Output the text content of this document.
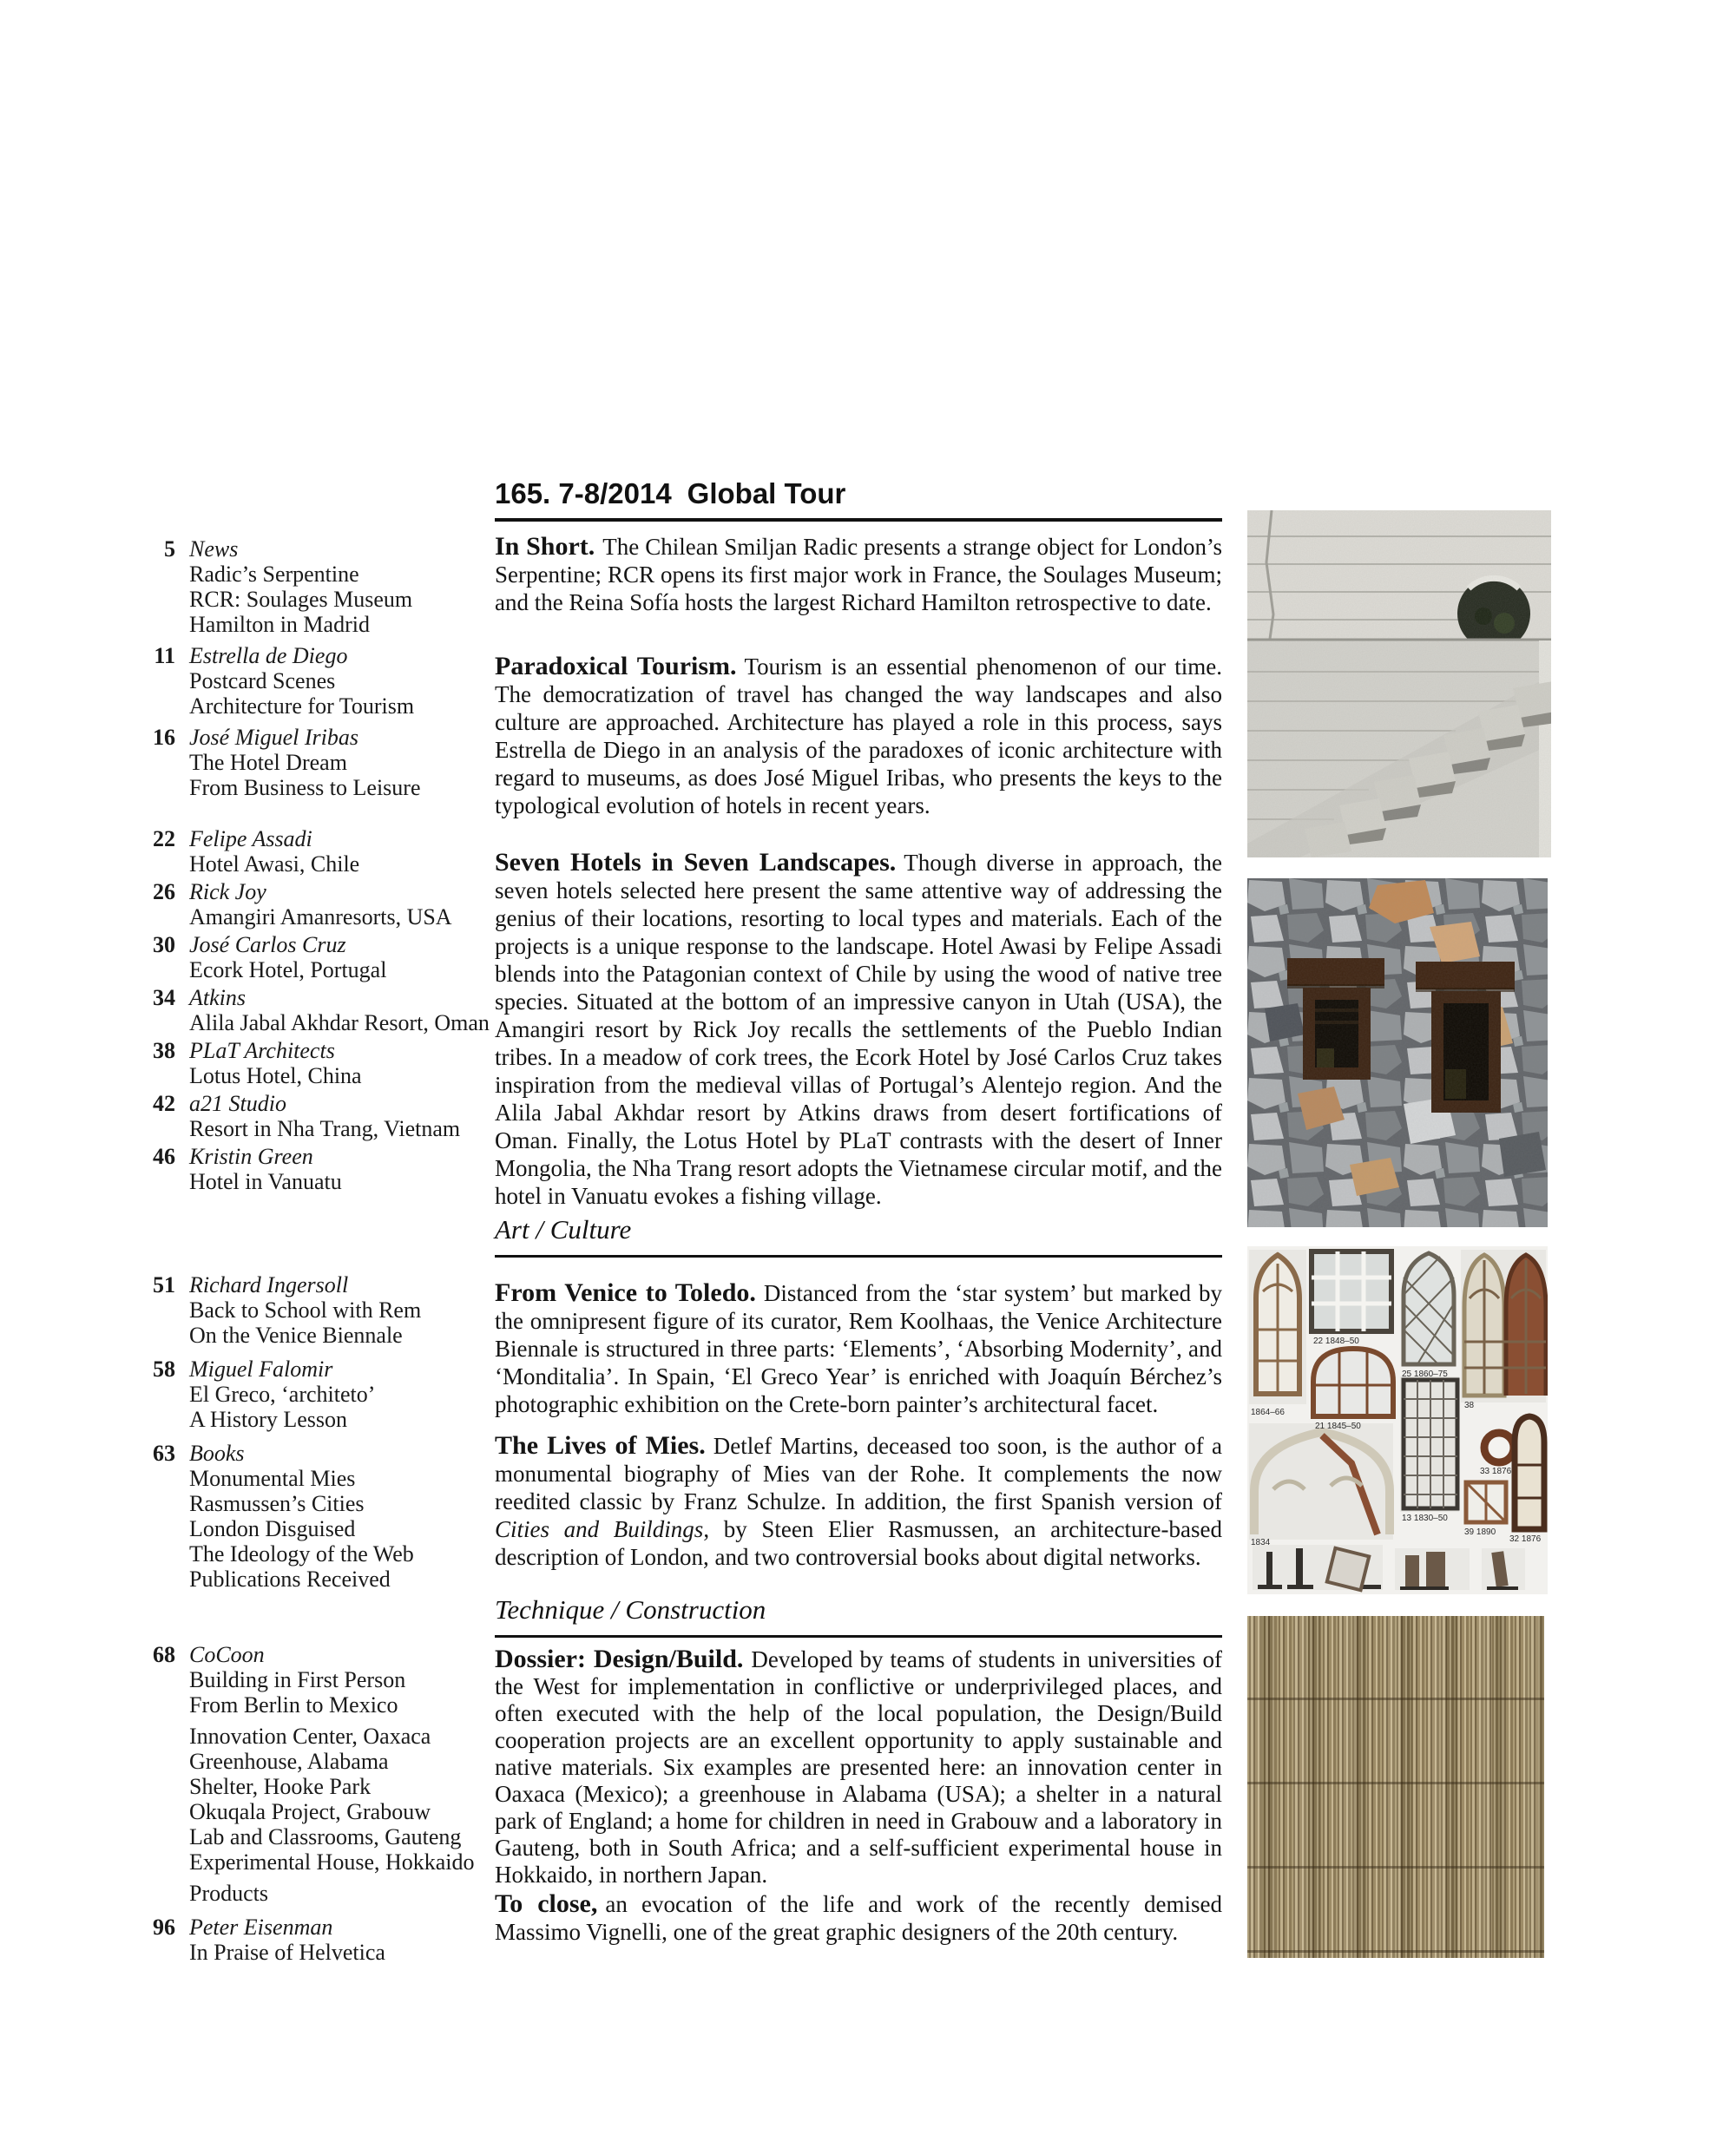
165. 7-8/2014 Global Tour
5 News
Radic’s Serpentine
RCR: Soulages Museum
Hamilton in Madrid
11 Estrella de Diego
Postcard Scenes
Architecture for Tourism
16 José Miguel Iribas
The Hotel Dream
From Business to Leisure
22 Felipe Assadi
Hotel Awasi, Chile
26 Rick Joy
Amangiri Amanresorts, USA
30 José Carlos Cruz
Ecork Hotel, Portugal
34 Atkins
Alila Jabal Akhdar Resort, Oman
38 PLaT Architects
Lotus Hotel, China
42 a21 Studio
Resort in Nha Trang, Vietnam
46 Kristin Green
Hotel in Vanuatu
51 Richard Ingersoll
Back to School with Rem
On the Venice Biennale
58 Miguel Falomir
El Greco, ‘architeto’
A History Lesson
63 Books
Monumental Mies
Rasmussen’s Cities
London Disguised
The Ideology of the Web
Publications Received
68 CoCoon
Building in First Person
From Berlin to Mexico
Innovation Center, Oaxaca
Greenhouse, Alabama
Shelter, Hooke Park
Okuqala Project, Grabouw
Lab and Classrooms, Gauteng
Experimental House, Hokkaido
Products
96 Peter Eisenman
In Praise of Helvetica
In Short. The Chilean Smiljan Radic presents a strange object for London’s Serpentine; RCR opens its first major work in France, the Soulages Museum; and the Reina Sofía hosts the largest Richard Hamilton retrospective to date.
Paradoxical Tourism. Tourism is an essential phenomenon of our time. The democratization of travel has changed the way landscapes and also culture are approached. Architecture has played a role in this process, says Estrella de Diego in an analysis of the paradoxes of iconic architecture with regard to museums, as does José Miguel Iribas, who presents the keys to the typological evolution of hotels in recent years.
Seven Hotels in Seven Landscapes. Though diverse in approach, the seven hotels selected here present the same attentive way of addressing the genius of their locations, resorting to local types and materials. Each of the projects is a unique response to the landscape. Hotel Awasi by Felipe Assadi blends into the Patagonian context of Chile by using the wood of native tree species. Situated at the bottom of an impressive canyon in Utah (USA), the Amangiri resort by Rick Joy recalls the settlements of the Pueblo Indian tribes. In a meadow of cork trees, the Ecork Hotel by José Carlos Cruz takes inspiration from the medieval villas of Portugal’s Alentejo region. And the Alila Jabal Akhdar resort by Atkins draws from desert fortifications of Oman. Finally, the Lotus Hotel by PLaT contrasts with the desert of Inner Mongolia, the Nha Trang resort adopts the Vietnamese circular motif, and the hotel in Vanuatu evokes a fishing village.
Art / Culture
From Venice to Toledo. Distanced from the ‘star system’ but marked by the omnipresent figure of its curator, Rem Koolhaas, the Venice Architecture Biennale is structured in three parts: ‘Elements’, ‘Absorbing Modernity’, and ‘Monditalia’. In Spain, ‘El Greco Year’ is enriched with Joaquín Bérchez’s photographic exhibition on the Crete-born painter’s architectural facet.
The Lives of Mies. Detlef Martins, deceased too soon, is the author of a monumental biography of Mies van der Rohe. It complements the now reedited classic by Franz Schulze. In addition, the first Spanish version of Cities and Buildings, by Steen Elier Rasmussen, an architecture-based description of London, and two controversial books about digital networks.
Technique / Construction
Dossier: Design/Build. Developed by teams of students in universities of the West for implementation in conflictive or underprivileged places, and often executed with the help of the local population, the Design/Build cooperation projects are an excellent opportunity to apply sustainable and native materials. Six examples are presented here: an innovation center in Oaxaca (Mexico); a greenhouse in Alabama (USA); a shelter in a natural park of England; a home for children in need in Grabouw and a laboratory in Gauteng, both in South Africa; and a self-sufficient experimental house in Hokkaido, in northern Japan.
To close, an evocation of the life and work of the recently demised Massimo Vignelli, one of the great graphic designers of the 20th century.
1864–66
22 1848–50
21 1845–50
25 1860–75
13 1830–50
38
33 1876
39 1890
32 1876
1834
